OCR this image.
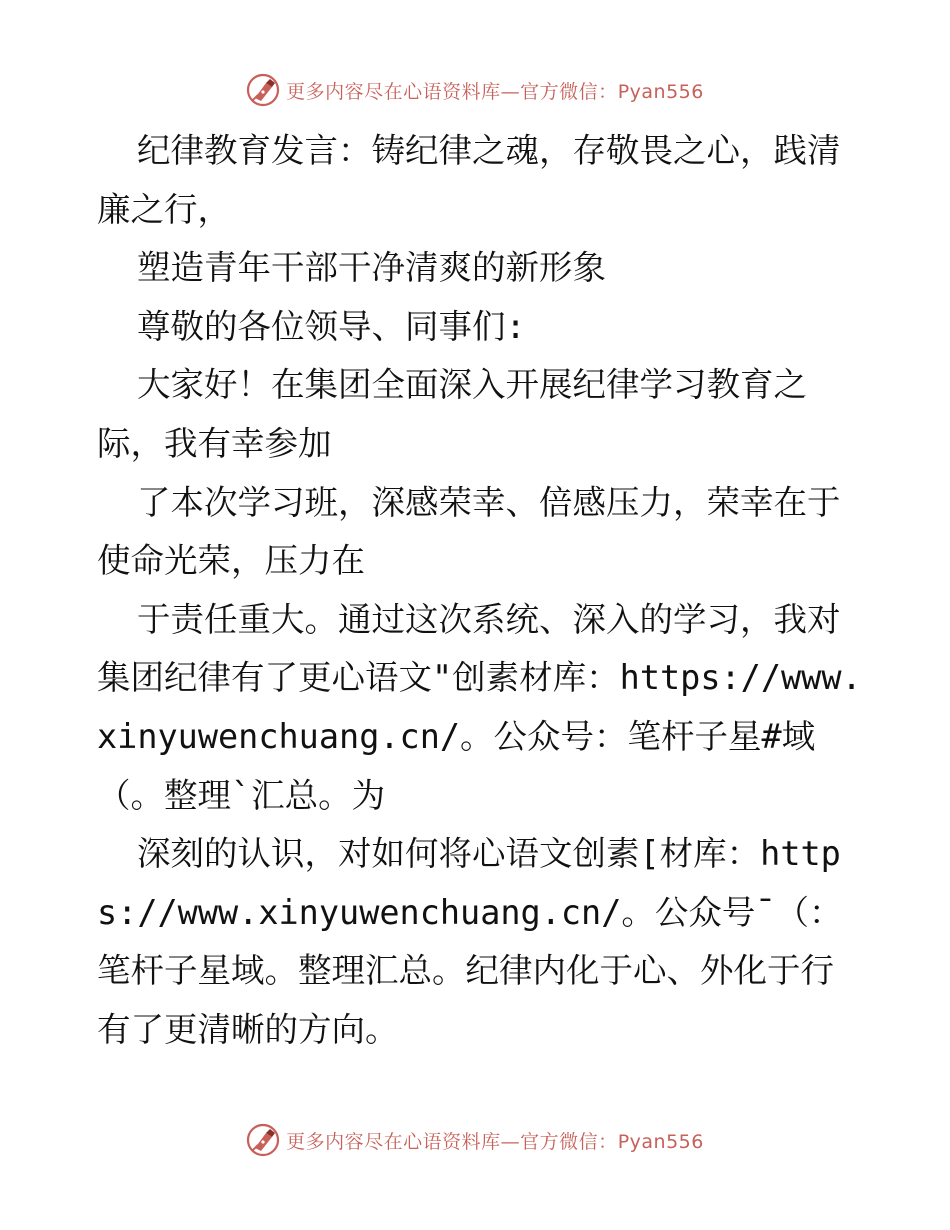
更多内容尽在心语资料库—官方微信：Pyan556

纪律教育发言：铸纪律之魂，存敬畏之心，践清廉之行，

塑造青年干部干净清爽的新形象

尊敬的各位领导、同事们:

大家好！在集团全面深入开展纪律学习教育之际，我有幸参加

了本次学习班，深感荣幸、倍感压力，荣幸在于使命光荣，压力在

于责任重大。通过这次系统、深入的学习，我对集团纪律有了更心语文"创素材库：https://www.xinyuwenchuang.cn/。公众号：笔杆子星#域（。整理`汇总。为

深刻的认识，对如何将心语文创素[材库：https://www.xinyuwenchuang.cn/。公众号¯（：笔杆子星域。整理汇总。纪律内化于心、外化于行有了更清晰的方向。

更多内容尽在心语资料库—官方微信：Pyan556
